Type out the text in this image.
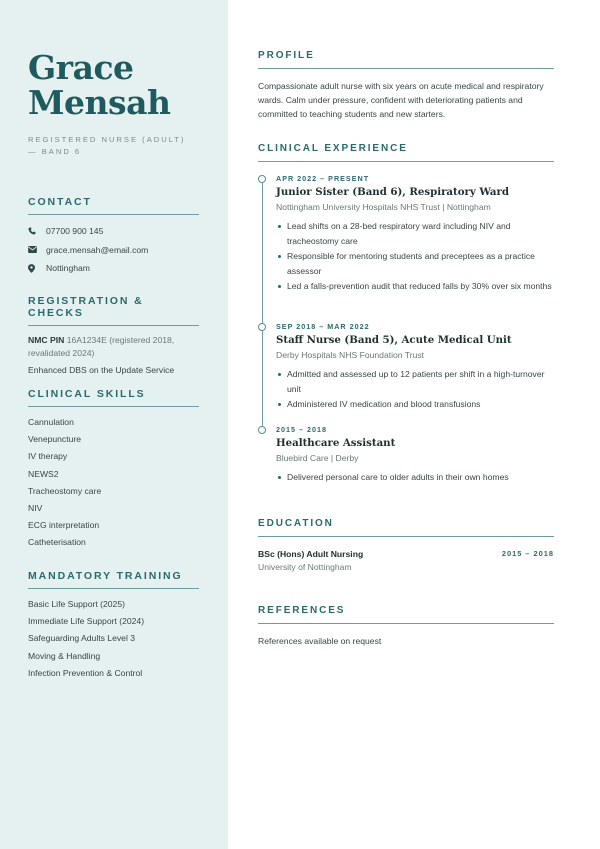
Grace
Mensah
REGISTERED NURSE (ADULT) — BAND 6
CONTACT
07700 900 145
grace.mensah@email.com
Nottingham
REGISTRATION & CHECKS
NMC PIN 16A1234E (registered 2018, revalidated 2024)
Enhanced DBS on the Update Service
CLINICAL SKILLS
Cannulation
Venepuncture
IV therapy
NEWS2
Tracheostomy care
NIV
ECG interpretation
Catheterisation
MANDATORY TRAINING
Basic Life Support (2025)
Immediate Life Support (2024)
Safeguarding Adults Level 3
Moving & Handling
Infection Prevention & Control
PROFILE
Compassionate adult nurse with six years on acute medical and respiratory wards. Calm under pressure, confident with deteriorating patients and committed to teaching students and new starters.
CLINICAL EXPERIENCE
APR 2022 – PRESENT
Junior Sister (Band 6), Respiratory Ward
Nottingham University Hospitals NHS Trust | Nottingham
Lead shifts on a 28-bed respiratory ward including NIV and tracheostomy care
Responsible for mentoring students and preceptees as a practice assessor
Led a falls-prevention audit that reduced falls by 30% over six months
SEP 2018 – MAR 2022
Staff Nurse (Band 5), Acute Medical Unit
Derby Hospitals NHS Foundation Trust
Admitted and assessed up to 12 patients per shift in a high-turnover unit
Administered IV medication and blood transfusions
2015 – 2018
Healthcare Assistant
Bluebird Care | Derby
Delivered personal care to older adults in their own homes
EDUCATION
BSc (Hons) Adult Nursing	2015 – 2018
University of Nottingham
REFERENCES
References available on request
